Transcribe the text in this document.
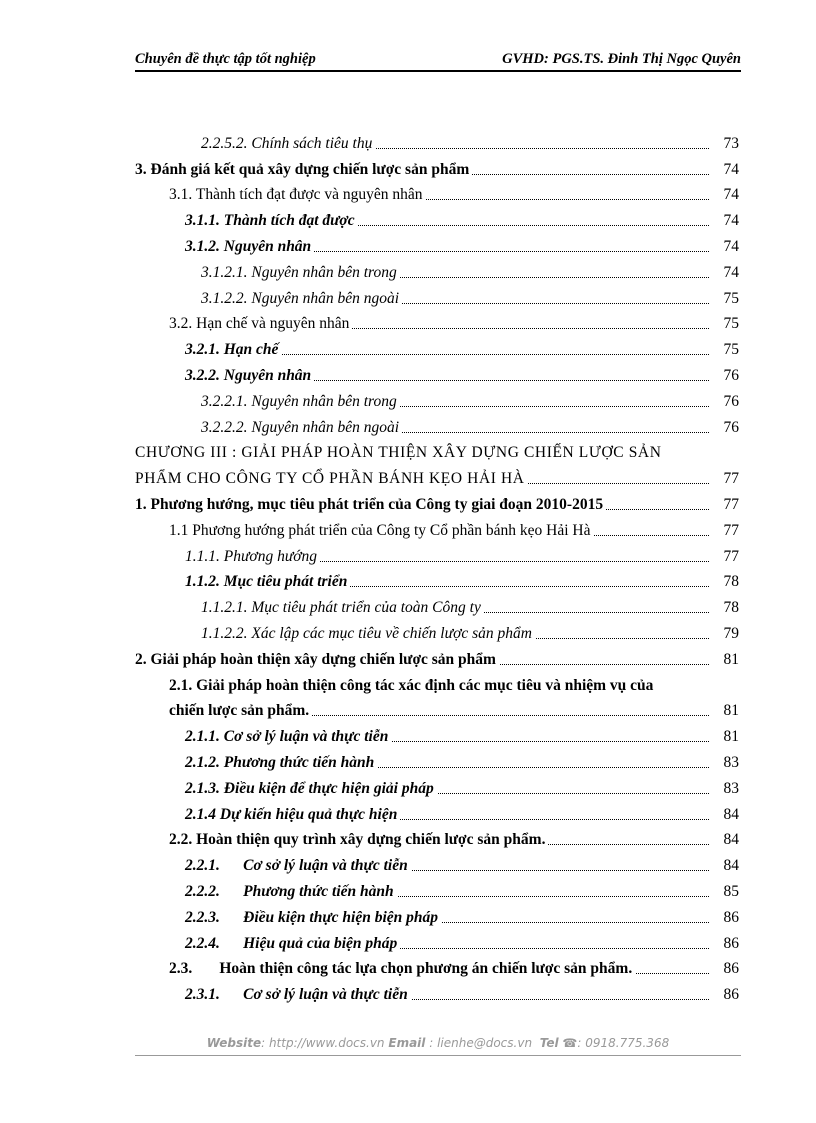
Chuyên đề thực tập tốt nghiệp	GVHD: PGS.TS. Đinh Thị Ngọc Quyên
2.2.5.2. Chính sách tiêu thụ	73
3. Đánh giá kết quả xây dựng chiến lược sản phẩm	74
3.1. Thành tích đạt được và nguyên nhân	74
3.1.1. Thành tích đạt được	74
3.1.2. Nguyên nhân	74
3.1.2.1. Nguyên nhân bên trong	74
3.1.2.2. Nguyên nhân bên ngoài	75
3.2. Hạn chế và nguyên nhân	75
3.2.1. Hạn chế	75
3.2.2. Nguyên nhân	76
3.2.2.1. Nguyên nhân bên trong	76
3.2.2.2. Nguyên nhân bên ngoài	76
CHƯƠNG III : GIẢI PHÁP HOÀN THIỆN XÂY DỰNG CHIẾN LƯỢC SẢN
PHẨM CHO CÔNG TY CỔ PHẦN BÁNH KẸO HẢI HÀ	77
1. Phương hướng, mục tiêu phát triển của Công ty giai đoạn 2010-2015	77
1.1 Phương hướng phát triển của Công ty Cổ phần bánh kẹo Hải Hà	77
1.1.1. Phương hướng	77
1.1.2. Mục tiêu phát triển	78
1.1.2.1. Mục tiêu phát triển của toàn Công ty	78
1.1.2.2. Xác lập các mục tiêu về chiến lược sản phẩm	79
2. Giải pháp hoàn thiện xây dựng chiến lược sản phẩm	81
2.1. Giải pháp hoàn thiện công tác xác định các mục tiêu và nhiệm vụ của
chiến lược sản phẩm.	81
2.1.1. Cơ sở lý luận và thực tiễn	81
2.1.2. Phương thức tiến hành	83
2.1.3. Điều kiện để thực hiện giải pháp	83
2.1.4 Dự kiến hiệu quả thực hiện	84
2.2. Hoàn thiện quy trình xây dựng chiến lược sản phẩm.	84
2.2.1.      Cơ sở lý luận và thực tiễn	84
2.2.2.      Phương thức tiến hành	85
2.2.3.      Điều kiện thực hiện biện pháp	86
2.2.4.      Hiệu quả của biện pháp	86
2.3.       Hoàn thiện công tác lựa chọn phương án chiến lược sản phẩm.	86
2.3.1.      Cơ sở lý luận và thực tiễn	86
Website: http://www.docs.vn Email : lienhe@docs.vn Tel ☎: 0918.775.368
